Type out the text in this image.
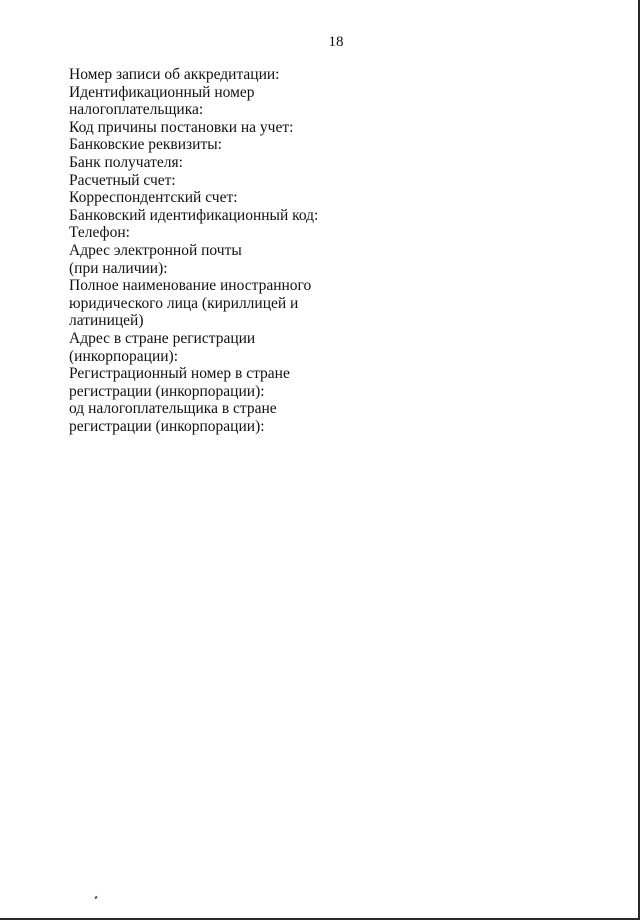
18
Номер записи об аккредитации:
Идентификационный номер
налогоплательщика:
Код причины постановки на учет:
Банковские реквизиты:
Банк получателя:
Расчетный счет:
Корреспондентский счет:
Банковский идентификационный код:
Телефон:
Адрес электронной почты
(при наличии):
Полное наименование иностранного
юридического лица (кириллицей и
латиницей)
Адрес в стране регистрации
(инкорпорации):
Регистрационный номер в стране
регистрации (инкорпорации):
од налогоплательщика в стране
регистрации (инкорпорации):
